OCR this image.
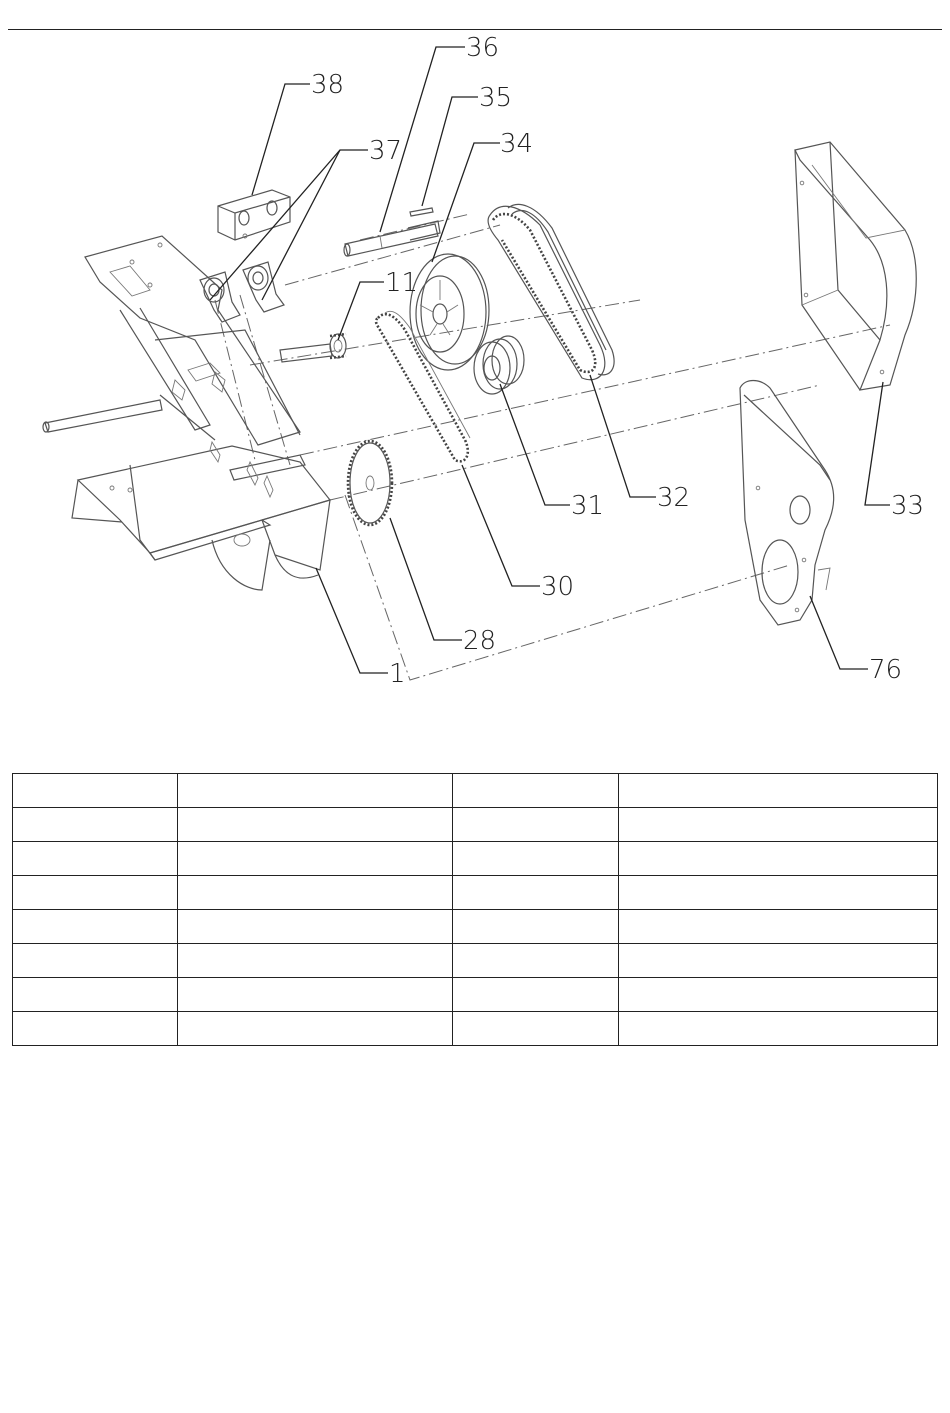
36
35
34
38
37
11
31 32	33
30
28
1	76
